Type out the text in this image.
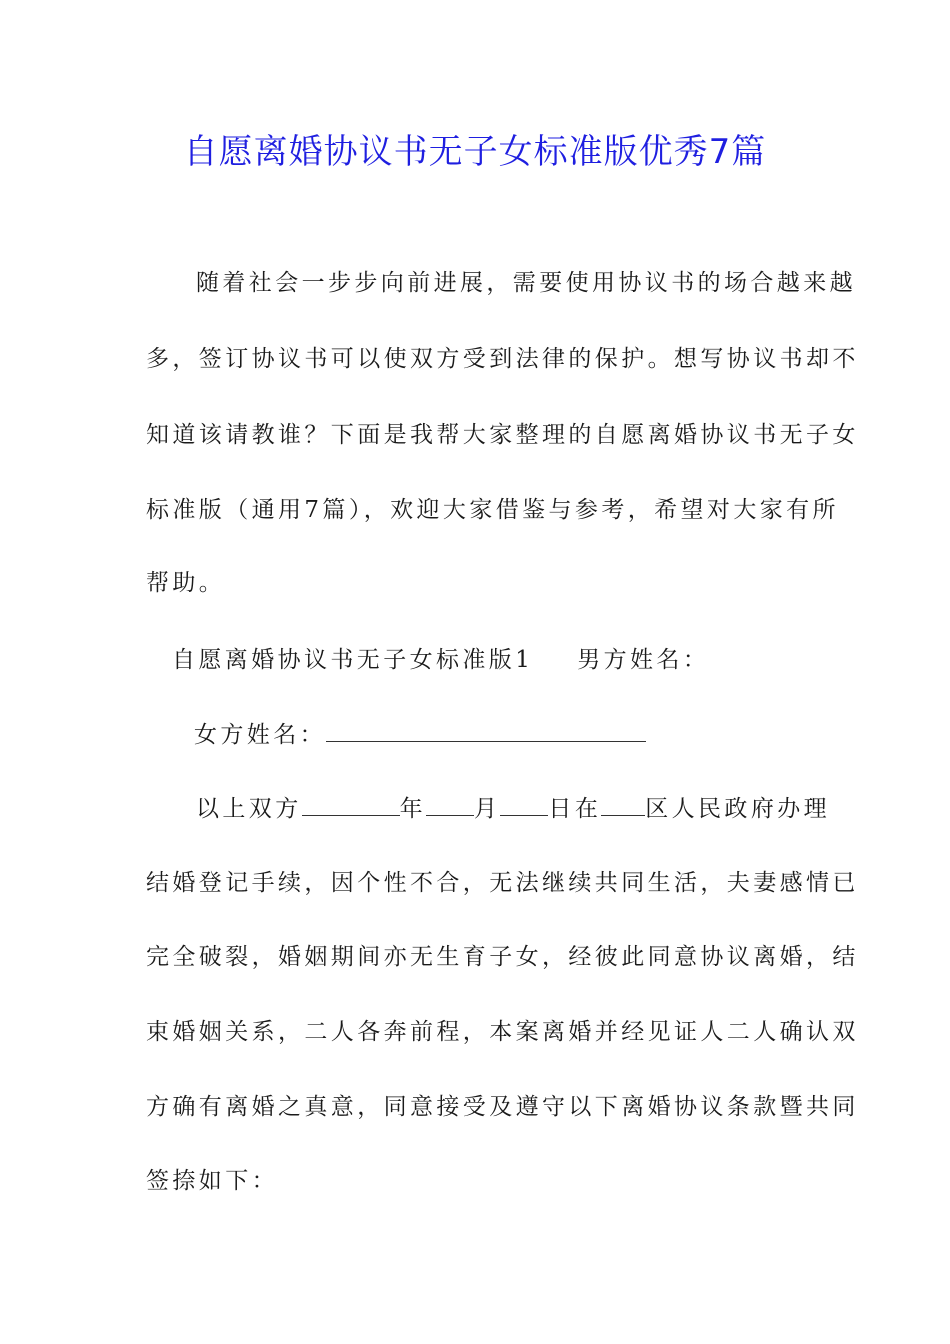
自愿离婚协议书无子女标准版优秀7篇
随着社会一步步向前进展，需要使用协议书的场合越来越
多，签订协议书可以使双方受到法律的保护。想写协议书却不
知道该请教谁？下面是我帮大家整理的自愿离婚协议书无子女
标准版（通用7篇），欢迎大家借鉴与参考，希望对大家有所
帮助。
自愿离婚协议书无子女标准版1 男方姓名：
女方姓名：
以上双方	年 月 日在 区人民政府办理
结婚登记手续，因个性不合，无法继续共同生活，夫妻感情已
完全破裂，婚姻期间亦无生育子女，经彼此同意协议离婚，结
束婚姻关系，二人各奔前程，本案离婚并经见证人二人确认双
方确有离婚之真意，同意接受及遵守以下离婚协议条款暨共同
签捺如下：
